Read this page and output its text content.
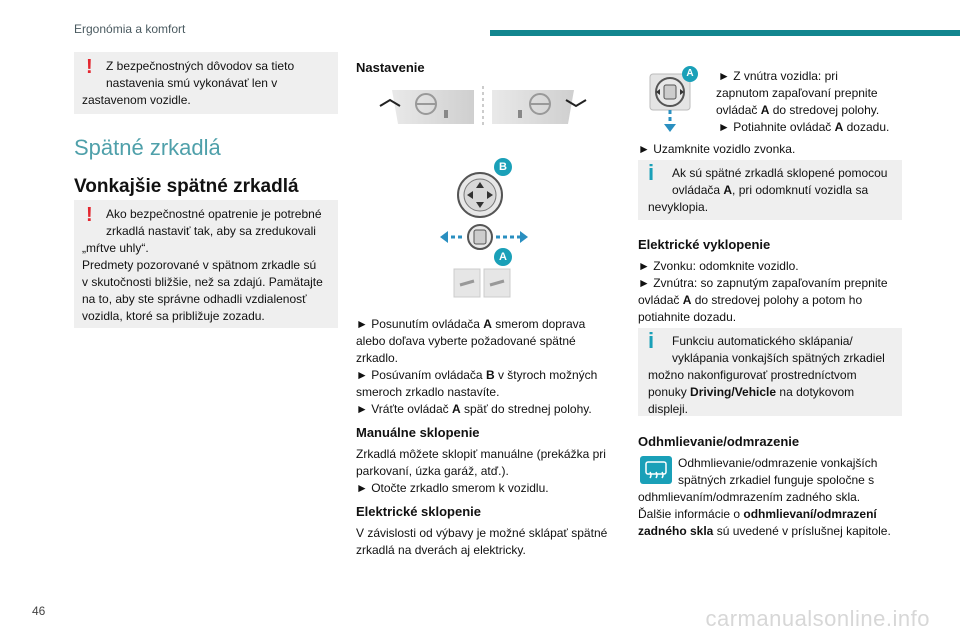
Ergonómia a komfort
! Z bezpečnostných dôvodov sa tieto
nastavenia smú vykonávať len v
zastavenom vozidle.
Spätné zrkadlá
Vonkajšie spätné zrkadlá
! Ako bezpečnostné opatrenie je potrebné
zrkadlá nastaviť tak, aby sa zredukovali
„mŕtve uhly“.
Predmety pozorované v spätnom zrkadle sú
v skutočnosti bližšie, než sa zdajú. Pamätajte
na to, aby ste správne odhadli vzdialenosť
vozidla, ktoré sa približuje zozadu.
Nastavenie
B
A
► Posunutím ovládača A smerom doprava
alebo doľava vyberte požadované spätné
zrkadlo.
► Posúvaním ovládača B v štyroch možných
smeroch zrkadlo nastavíte.
► Vráťte ovládač A späť do strednej polohy.
Manuálne sklopenie
Zrkadlá môžete sklopiť manuálne (prekážka pri
parkovaní, úzka garáž, atď.).
► Otočte zrkadlo smerom k vozidlu.
Elektrické sklopenie
V závislosti od výbavy je možné sklápať spätné
zrkadlá na dverách aj elektricky.
A	► Z vnútra vozidla: pri
zapnutom zapaľovaní prepnite
ovládač A do stredovej polohy.
► Potiahnite ovládač A dozadu.
► Uzamknite vozidlo zvonka.
i Ak sú spätné zrkadlá sklopené pomocou
ovládača A, pri odomknutí vozidla sa
nevyklopia.
Elektrické vyklopenie
► Zvonku: odomknite vozidlo.
► Zvnútra: so zapnutým zapaľovaním prepnite
ovládač A do stredovej polohy a potom ho
potiahnite dozadu.
i Funkciu automatického sklápania/
vyklápania vonkajších spätných zrkadiel
možno nakonfigurovať prostredníctvom
ponuky Driving/Vehicle na dotykovom
displeji.
Odhmlievanie/odmrazenie
Odhmlievanie/odmrazenie vonkajších
spätných zrkadiel funguje spoločne s
odhmlievaním/odmrazením zadného skla.
Ďalšie informácie o odhmlievaní/odmrazení
zadného skla sú uvedené v príslušnej kapitole.
46	carmanualsonline.info
